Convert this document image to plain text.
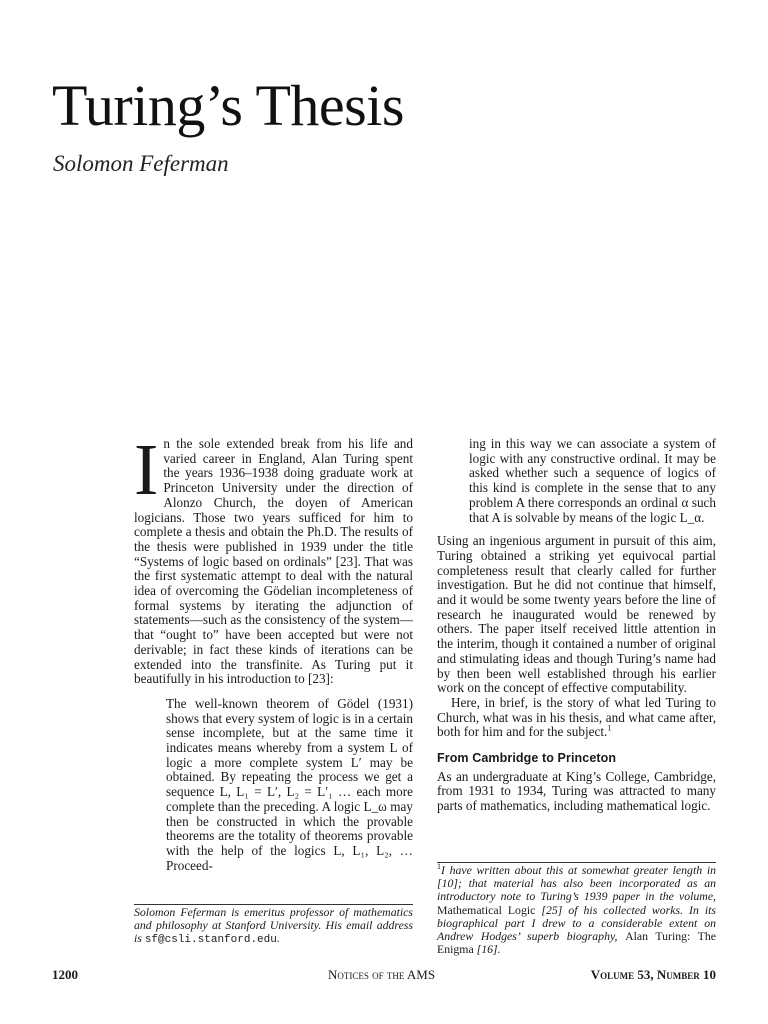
Turing’s Thesis
Solomon Feferman

In the sole extended break from his life and varied career in England, Alan Turing spent the years 1936–1938 doing graduate work at Princeton University under the direction of Alonzo Church, the doyen of American logicians. Those two years sufficed for him to complete a thesis and obtain the Ph.D. The results of the thesis were published in 1939 under the title “Systems of logic based on ordinals” [23]. That was the first systematic attempt to deal with the natural idea of overcoming the Gödelian incompleteness of formal systems by iterating the adjunction of statements—such as the consistency of the system—that “ought to” have been accepted but were not derivable; in fact these kinds of iterations can be extended into the transfinite. As Turing put it beautifully in his introduction to [23]:

The well-known theorem of Gödel (1931) shows that every system of logic is in a certain sense incomplete, but at the same time it indicates means whereby from a system L of logic a more complete system L′ may be obtained. By repeating the process we get a sequence L, L₁ = L′, L₂ = L′₁ … each more complete than the preceding. A logic L_ω may then be constructed in which the provable theorems are the totality of theorems provable with the help of the logics L, L₁, L₂, … Proceed-

ing in this way we can associate a system of logic with any constructive ordinal. It may be asked whether such a sequence of logics of this kind is complete in the sense that to any problem A there corresponds an ordinal α such that A is solvable by means of the logic L_α.

Using an ingenious argument in pursuit of this aim, Turing obtained a striking yet equivocal partial completeness result that clearly called for further investigation. But he did not continue that himself, and it would be some twenty years before the line of research he inaugurated would be renewed by others. The paper itself received little attention in the interim, though it contained a number of original and stimulating ideas and though Turing’s name had by then been well established through his earlier work on the concept of effective computability.

Here, in brief, is the story of what led Turing to Church, what was in his thesis, and what came after, both for him and for the subject.$^1$

From Cambridge to Princeton

As an undergraduate at King’s College, Cambridge, from 1931 to 1934, Turing was attracted to many parts of mathematics, including mathematical logic.

$^1$I have written about this at somewhat greater length in [10]; that material has also been incorporated as an introductory note to Turing’s 1939 paper in the volume, Mathematical Logic [25] of his collected works. In its biographical part I drew to a considerable extent on Andrew Hodges’ superb biography, Alan Turing: The Enigma [16].
Solomon Feferman is emeritus professor of mathematics and philosophy at Stanford University. His email address is sf@csli.stanford.edu.
1200	Notices of the AMS	Volume 53, Number 10
